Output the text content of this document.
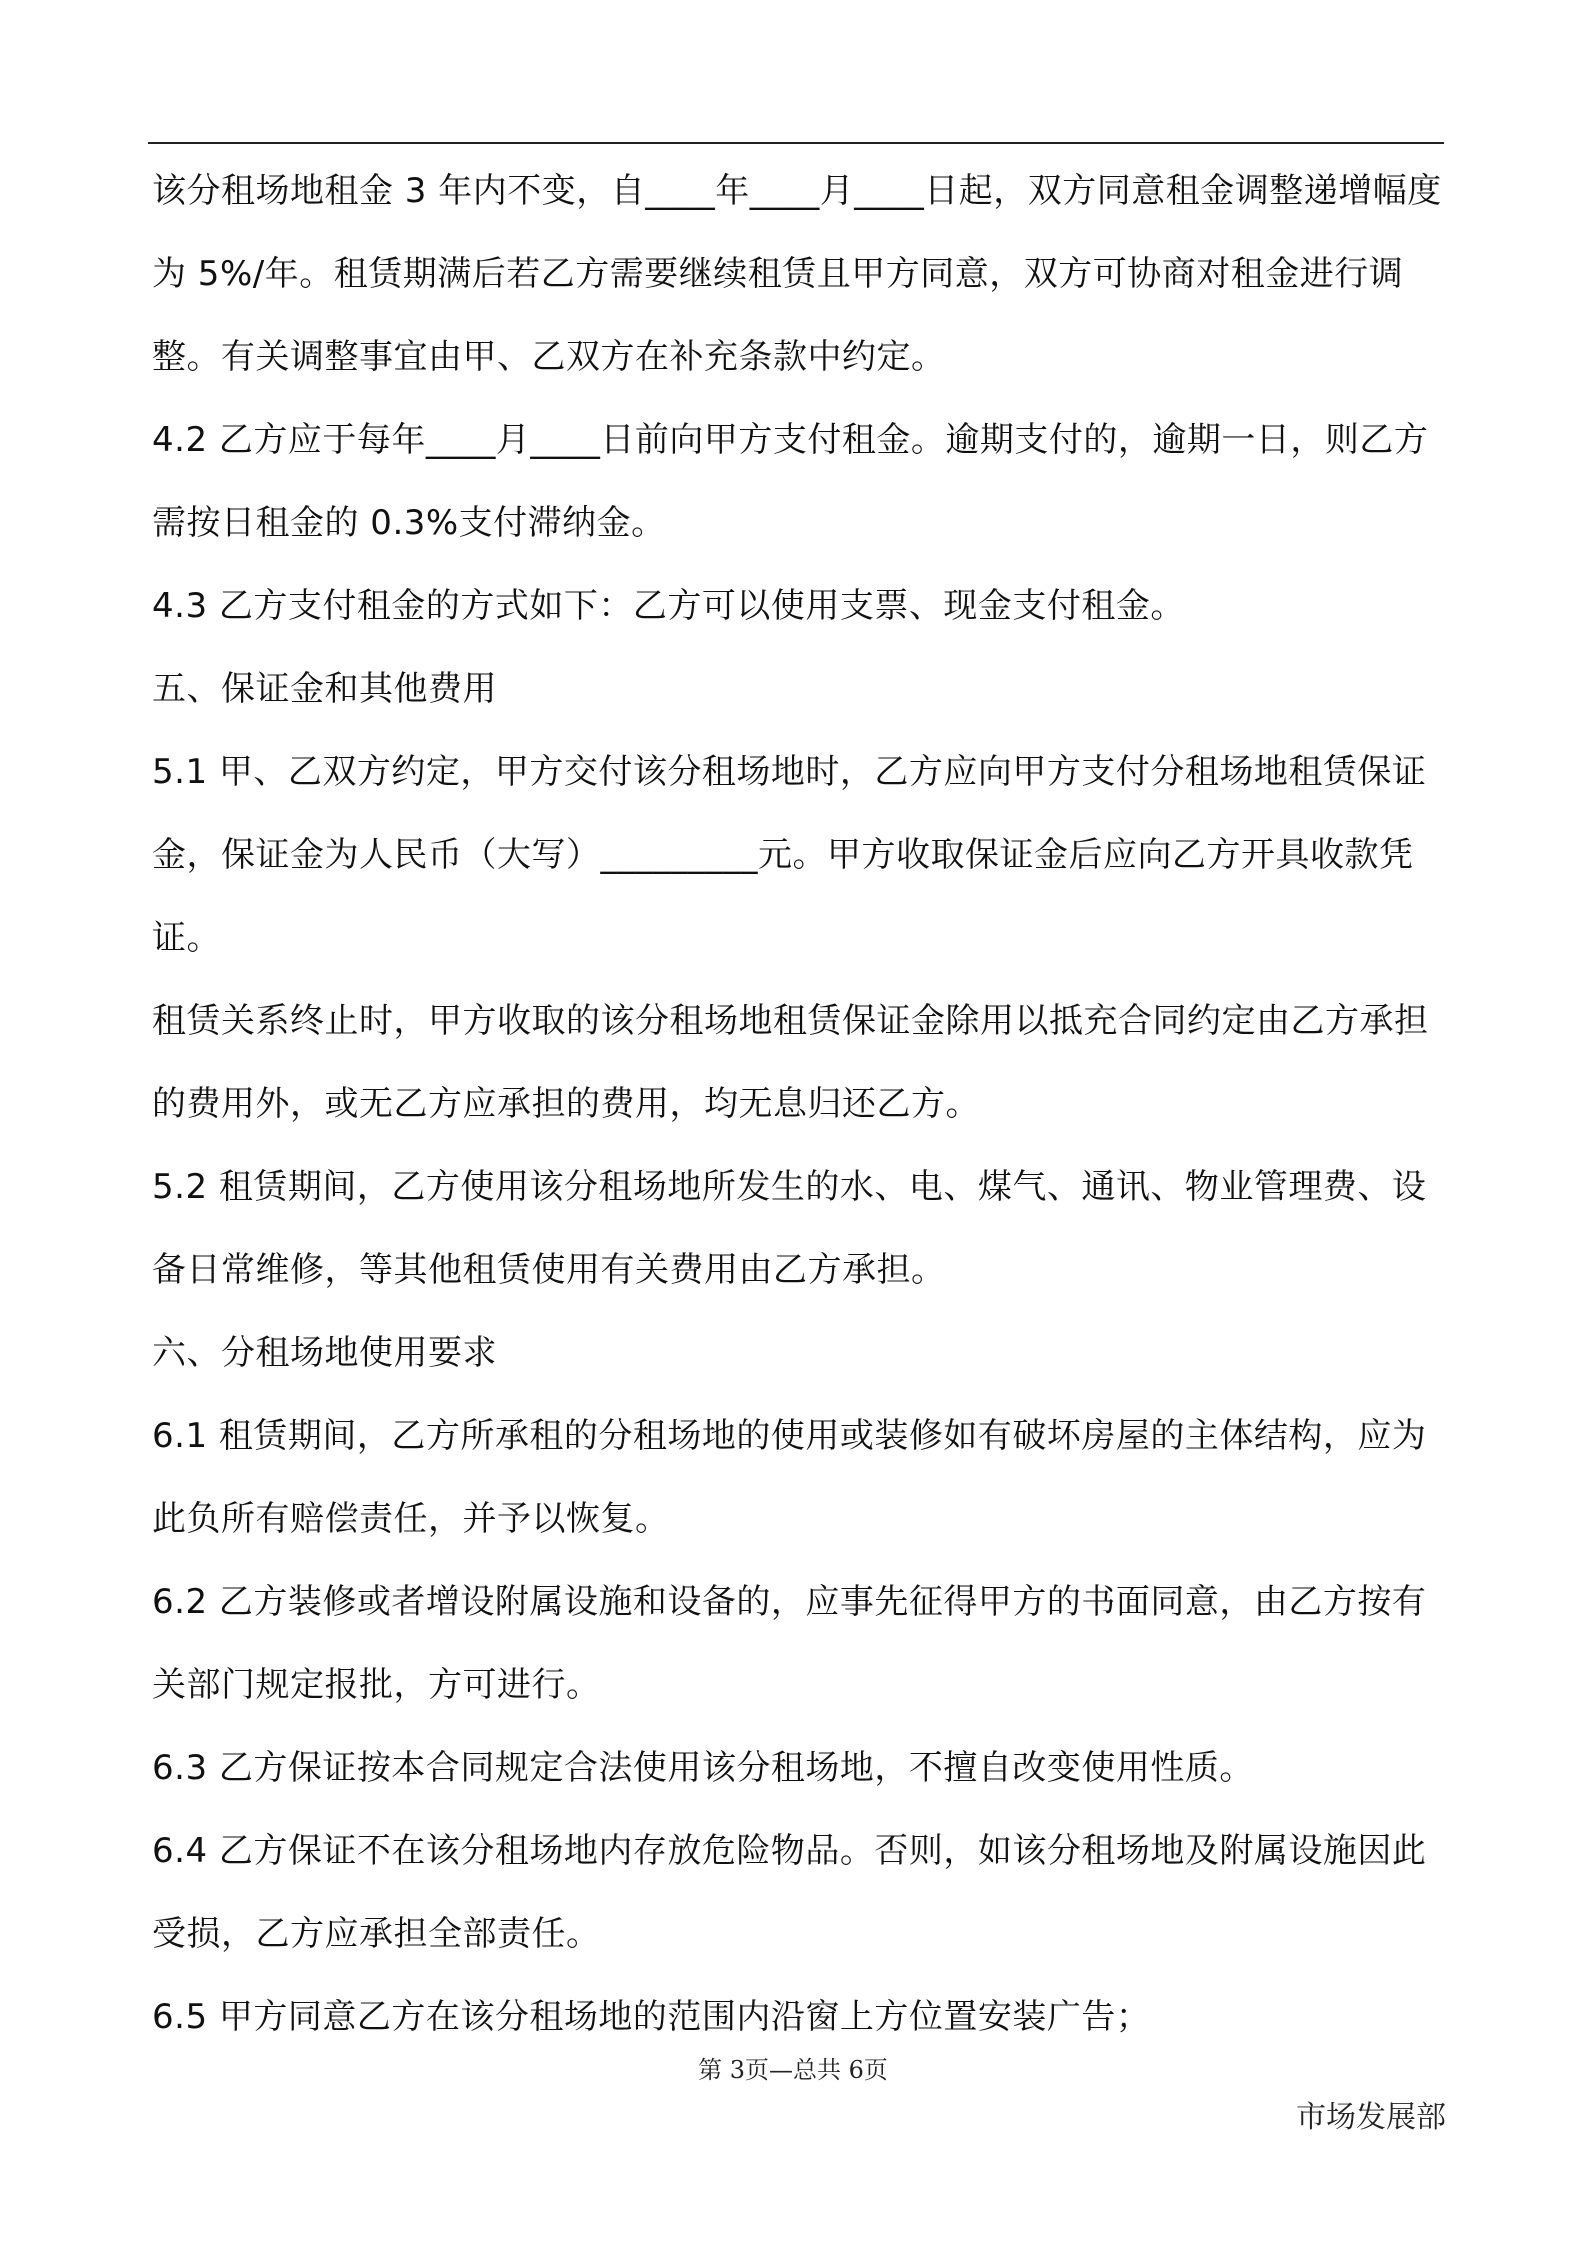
该分租场地租金 3 年内不变，自____年____月____日起，双方同意租金调整递增幅度为 5%/年。租赁期满后若乙方需要继续租赁且甲方同意，双方可协商对租金进行调整。有关调整事宜由甲、乙双方在补充条款中约定。

4.2 乙方应于每年____月____日前向甲方支付租金。逾期支付的，逾期一日，则乙方需按日租金的 0.3%支付滞纳金。

4.3 乙方支付租金的方式如下：乙方可以使用支票、现金支付租金。

五、保证金和其他费用

5.1 甲、乙双方约定，甲方交付该分租场地时，乙方应向甲方支付分租场地租赁保证金，保证金为人民币（大写）_________元。甲方收取保证金后应向乙方开具收款凭证。

租赁关系终止时，甲方收取的该分租场地租赁保证金除用以抵充合同约定由乙方承担的费用外，或无乙方应承担的费用，均无息归还乙方。

5.2 租赁期间，乙方使用该分租场地所发生的水、电、煤气、通讯、物业管理费、设备日常维修，等其他租赁使用有关费用由乙方承担。

六、分租场地使用要求

6.1 租赁期间，乙方所承租的分租场地的使用或装修如有破坏房屋的主体结构，应为此负所有赔偿责任，并予以恢复。

6.2 乙方装修或者增设附属设施和设备的，应事先征得甲方的书面同意，由乙方按有关部门规定报批，方可进行。

6.3 乙方保证按本合同规定合法使用该分租场地，不擅自改变使用性质。

6.4 乙方保证不在该分租场地内存放危险物品。否则，如该分租场地及附属设施因此受损，乙方应承担全部责任。

6.5 甲方同意乙方在该分租场地的范围内沿窗上方位置安装广告；

第 3页—总共 6页
市场发展部
